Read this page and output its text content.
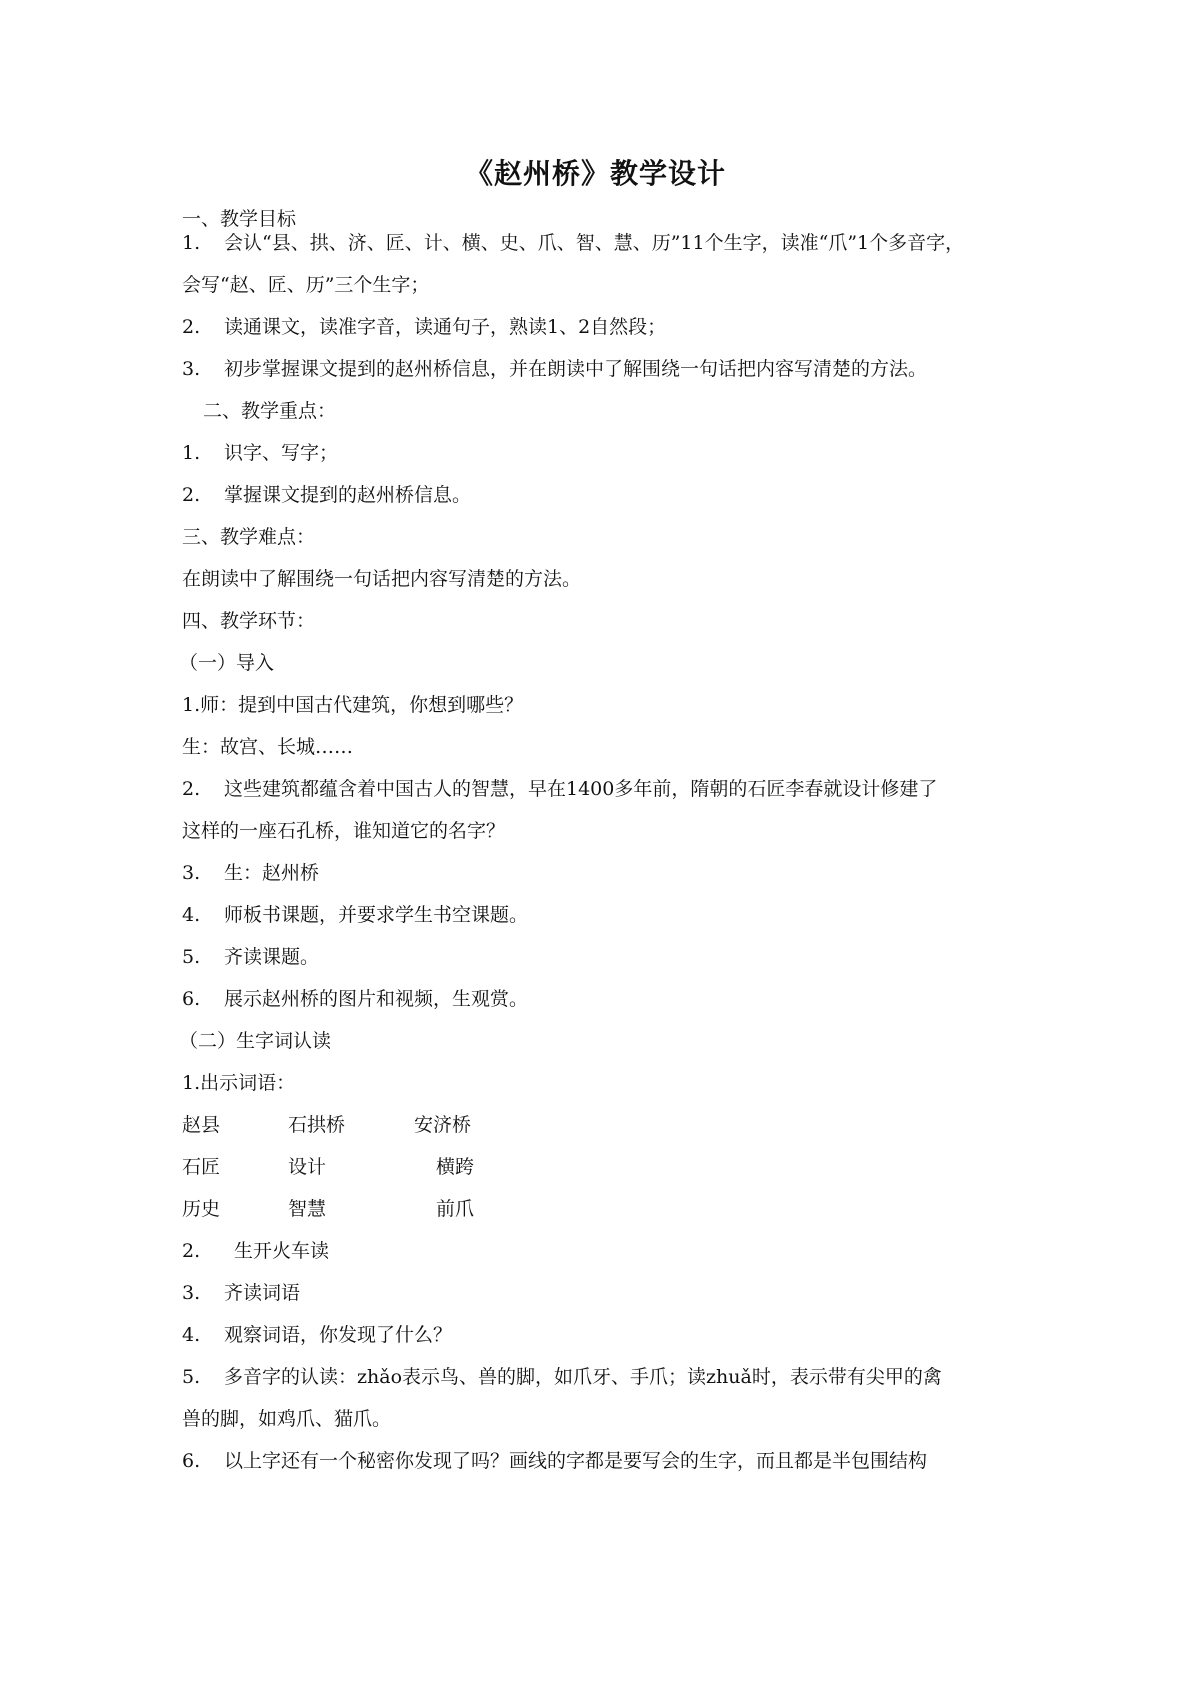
《赵州桥》教学设计
一、教学目标
1. 会认“县、拱、济、匠、计、横、史、爪、智、慧、历”11个生字，读准“爪”1个多音字，
会写“赵、匠、历”三个生字；
2. 读通课文，读准字音，读通句子，熟读1、2自然段；
3. 初步掌握课文提到的赵州桥信息，并在朗读中了解围绕一句话把内容写清楚的方法。
二、教学重点：
1. 识字、写字；
2. 掌握课文提到的赵州桥信息。
三、教学难点：
在朗读中了解围绕一句话把内容写清楚的方法。
四、教学环节：
（一）导入
1.师：提到中国古代建筑，你想到哪些？
生：故宫、长城……
2. 这些建筑都蕴含着中国古人的智慧，早在1400多年前，隋朝的石匠李春就设计修建了
这样的一座石孔桥，谁知道它的名字？
3. 生：赵州桥
4. 师板书课题，并要求学生书空课题。
5. 齐读课题。
6. 展示赵州桥的图片和视频，生观赏。
（二）生字词认读
1.出示词语：
赵县	石拱桥	安济桥
石匠	设计	横跨
历史	智慧	前爪
2. 生开火车读
3. 齐读词语
4. 观察词语，你发现了什么？
5. 多音字的认读：zhǎo表示鸟、兽的脚，如爪牙、手爪；读zhuǎ时，表示带有尖甲的禽
兽的脚，如鸡爪、猫爪。
6. 以上字还有一个秘密你发现了吗？画线的字都是要写会的生字，而且都是半包围结构
